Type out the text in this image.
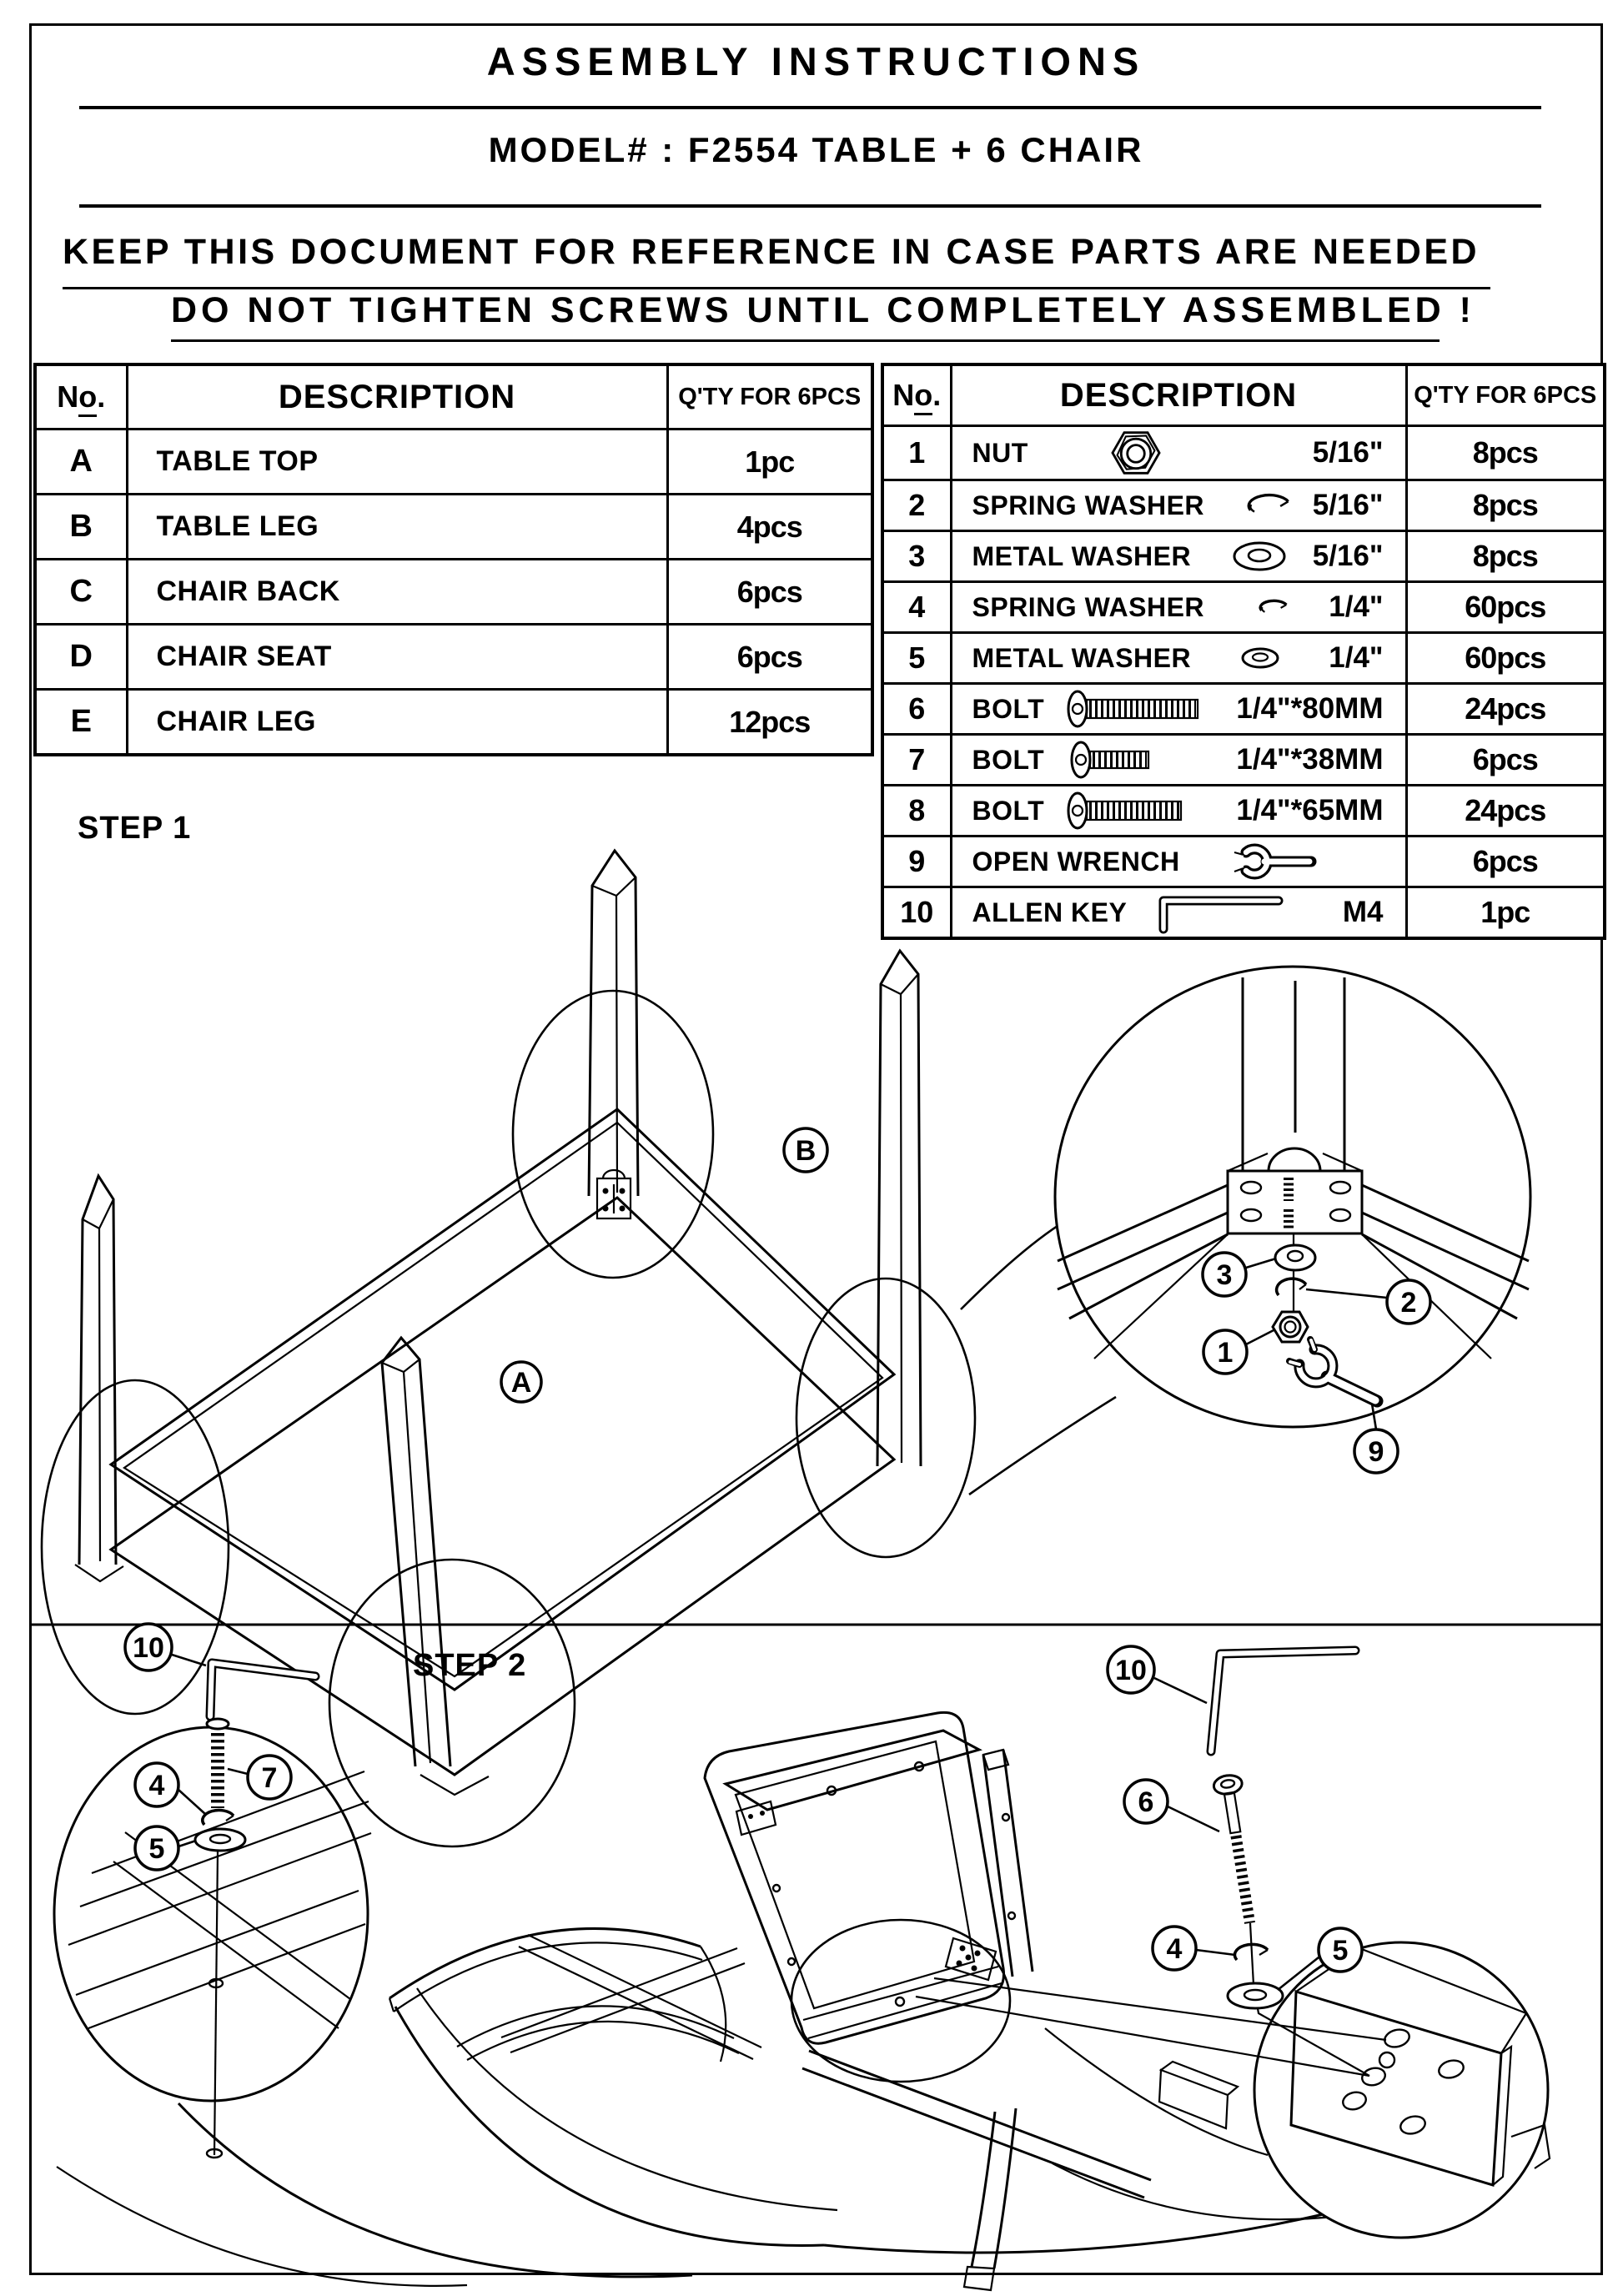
ASSEMBLY INSTRUCTIONS
MODEL# : F2554 TABLE + 6 CHAIR
KEEP THIS DOCUMENT FOR REFERENCE IN CASE PARTS ARE NEEDED
DO NOT TIGHTEN SCREWS UNTIL COMPLETELY ASSEMBLED !
No.	DESCRIPTION	Q'TY FOR 6PCS
A	TABLE TOP	1pc
B	TABLE LEG	4pcs
C	CHAIR BACK	6pcs
D	CHAIR SEAT	6pcs
E	CHAIR LEG	12pcs
No.	DESCRIPTION	Q'TY FOR 6PCS
1	NUT 5/16"	8pcs
2	SPRING WASHER 5/16"	8pcs
3	METAL WASHER 5/16"	8pcs
4	SPRING WASHER 1/4"	60pcs
5	METAL WASHER 1/4"	60pcs
6	BOLT 1/4"*80MM	24pcs
7	BOLT 1/4"*38MM	6pcs
8	BOLT 1/4"*65MM	24pcs
9	OPEN WRENCH	6pcs
10	ALLEN KEY M4	1pc
STEP 1
STEP 2
A
B
3
2
1
9
10
7
4
5
10
6
4	5
